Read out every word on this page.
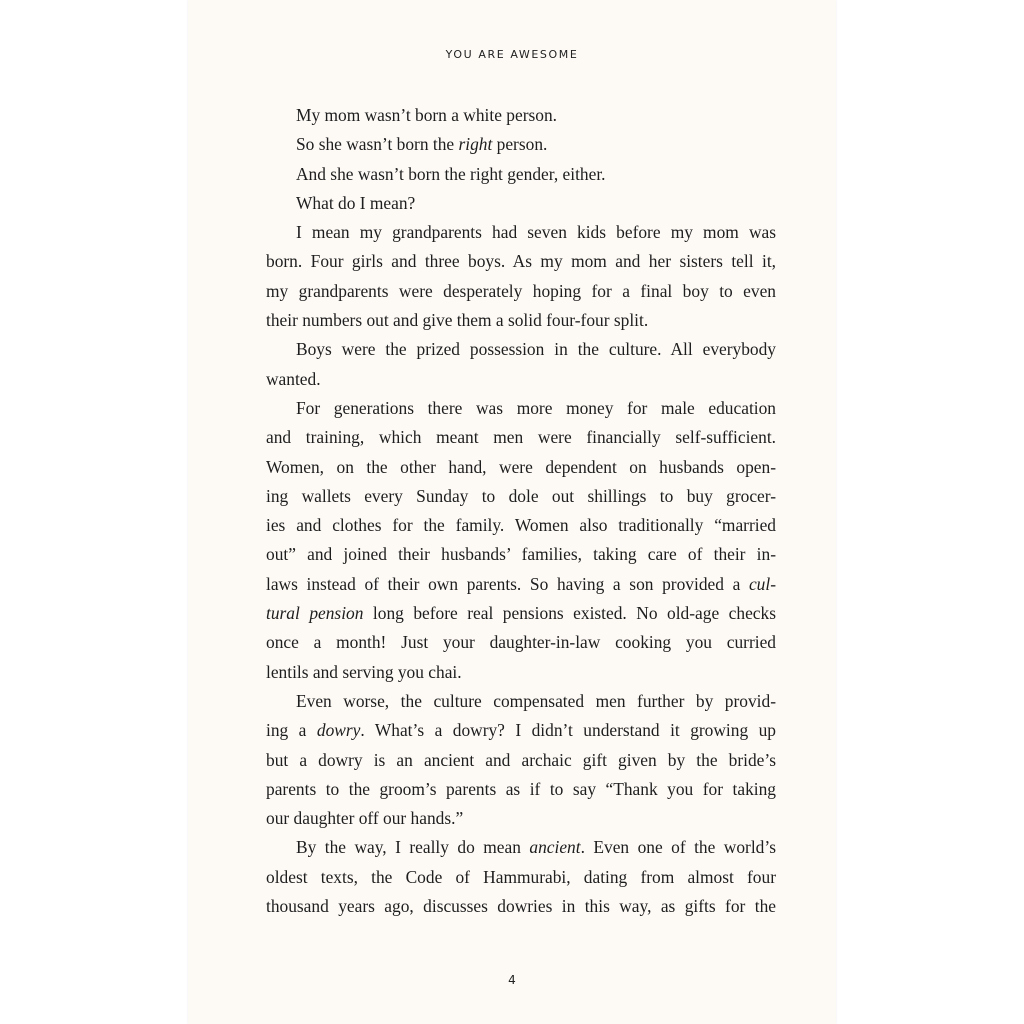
YOU ARE AWESOME
My mom wasn’t born a white person.
So she wasn’t born the right person.
And she wasn’t born the right gender, either.
What do I mean?
I mean my grandparents had seven kids before my mom was
born. Four girls and three boys. As my mom and her sisters tell it,
my grandparents were desperately hoping for a final boy to even
their numbers out and give them a solid four-four split.
Boys were the prized possession in the culture. All everybody
wanted.
For generations there was more money for male education
and training, which meant men were financially self-sufficient.
Women, on the other hand, were dependent on husbands open-
ing wallets every Sunday to dole out shillings to buy grocer-
ies and clothes for the family. Women also traditionally “married
out” and joined their husbands’ families, taking care of their in-
laws instead of their own parents. So having a son provided a cul-
tural pension long before real pensions existed. No old-age checks
once a month! Just your daughter-in-law cooking you curried
lentils and serving you chai.
Even worse, the culture compensated men further by provid-
ing a dowry. What’s a dowry? I didn’t understand it growing up
but a dowry is an ancient and archaic gift given by the bride’s
parents to the groom’s parents as if to say “Thank you for taking
our daughter off our hands.”
By the way, I really do mean ancient. Even one of the world’s
oldest texts, the Code of Hammurabi, dating from almost four
thousand years ago, discusses dowries in this way, as gifts for the
4
